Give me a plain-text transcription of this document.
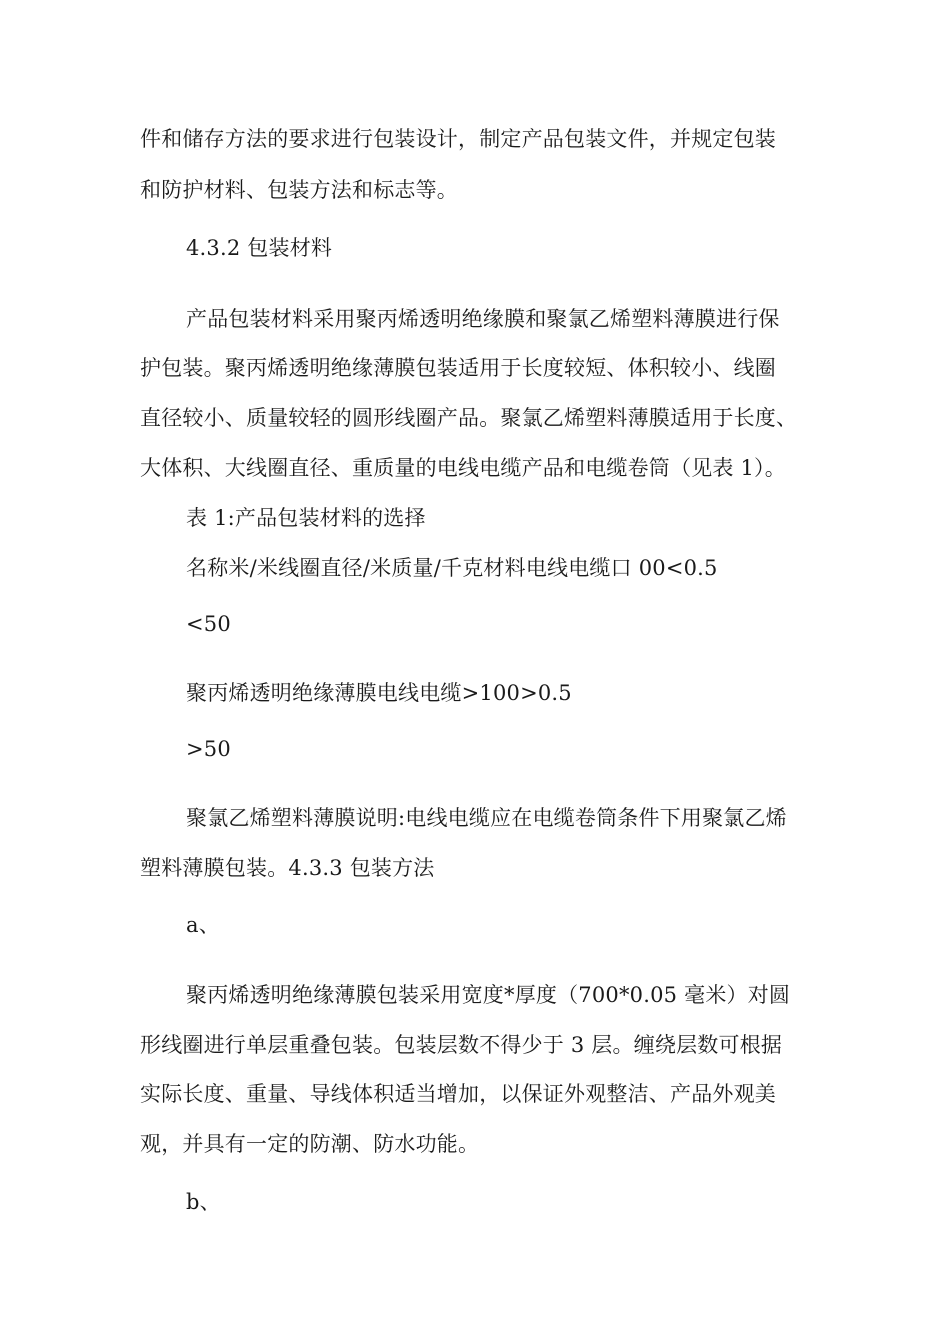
件和储存方法的要求进行包装设计，制定产品包装文件，并规定包装
和防护材料、包装方法和标志等。
4.3.2 包装材料
产品包装材料采用聚丙烯透明绝缘膜和聚氯乙烯塑料薄膜进行保
护包装。聚丙烯透明绝缘薄膜包装适用于长度较短、体积较小、线圈
直径较小、质量较轻的圆形线圈产品。聚氯乙烯塑料薄膜适用于长度、
大体积、大线圈直径、重质量的电线电缆产品和电缆卷筒（见表 1）。
表 1:产品包装材料的选择
名称米/米线圈直径/米质量/千克材料电线电缆口 00<0.5
<50
聚丙烯透明绝缘薄膜电线电缆>100>0.5
>50
聚氯乙烯塑料薄膜说明:电线电缆应在电缆卷筒条件下用聚氯乙烯
塑料薄膜包装。4.3.3 包装方法
a、
聚丙烯透明绝缘薄膜包装采用宽度*厚度（700*0.05 毫米）对圆
形线圈进行单层重叠包装。包装层数不得少于 3 层。缠绕层数可根据
实际长度、重量、导线体积适当增加，以保证外观整洁、产品外观美
观，并具有一定的防潮、防水功能。
b、
